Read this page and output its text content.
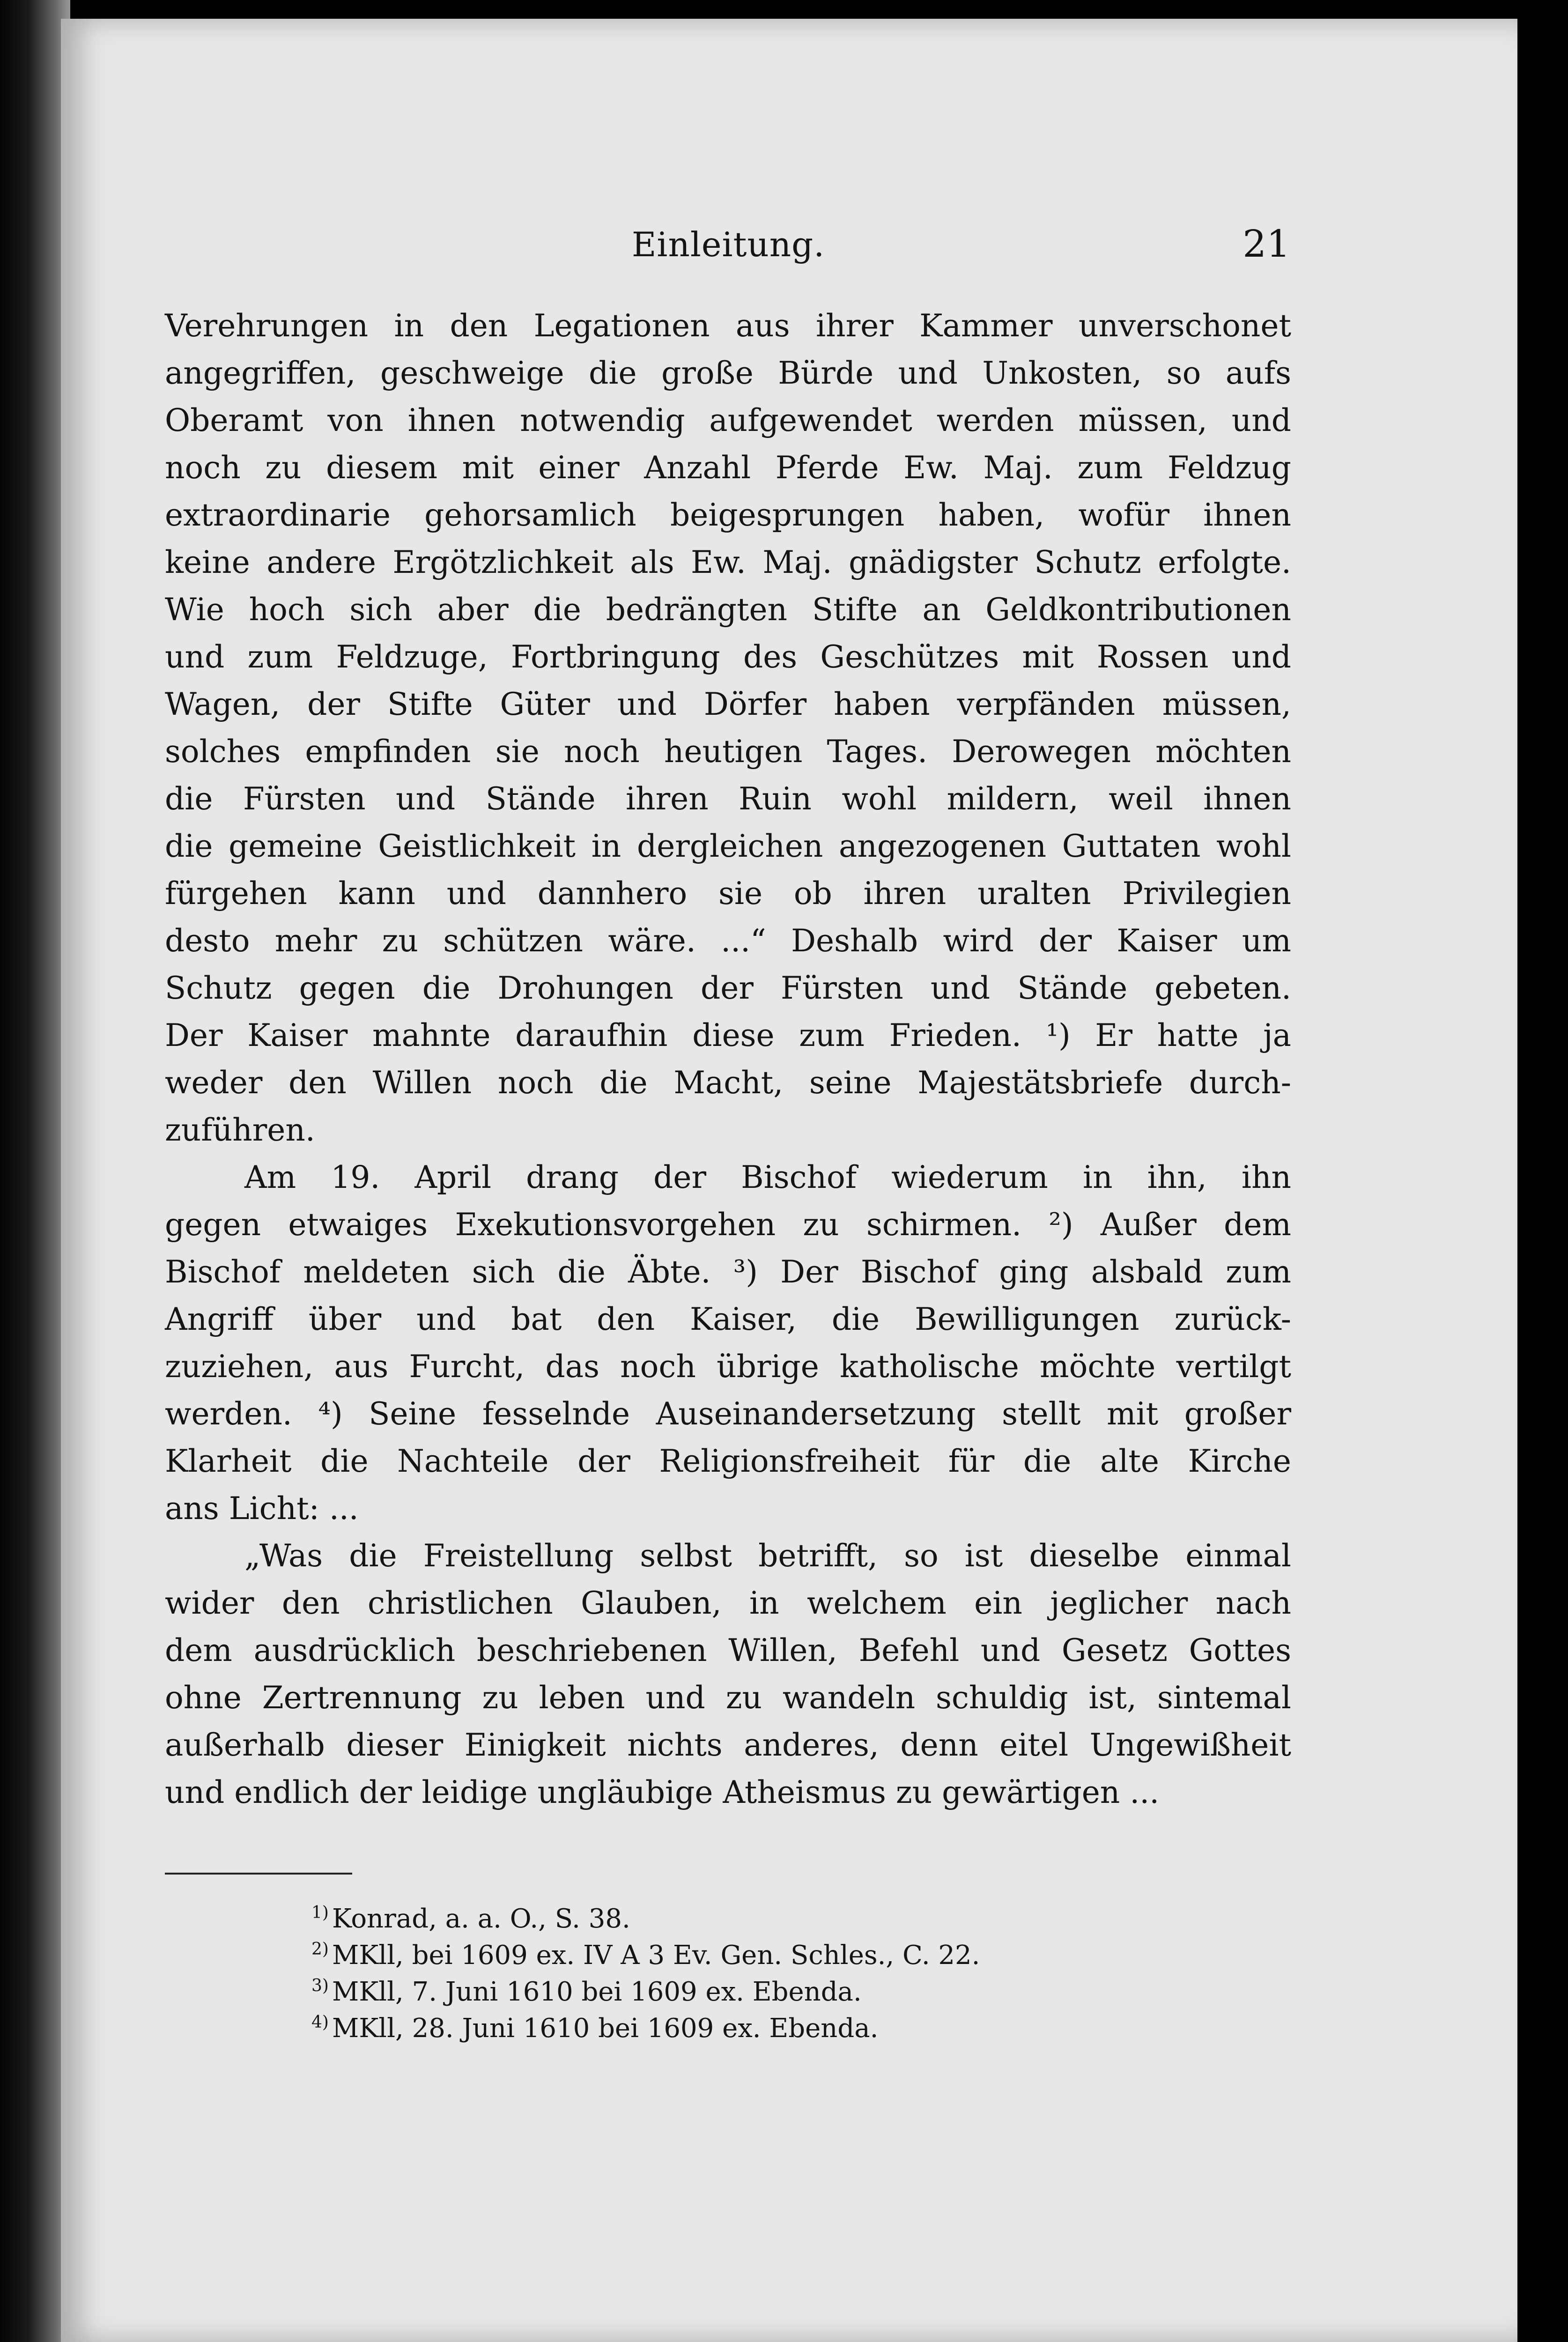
Einleitung.	21
Verehrungen in den Legationen aus ihrer Kammer unverschonet
angegriffen, geschweige die große Bürde und Unkosten, so aufs
Oberamt von ihnen notwendig aufgewendet werden müssen, und
noch zu diesem mit einer Anzahl Pferde Ew. Maj. zum Feldzug
extraordinarie gehorsamlich beigesprungen haben, wofür ihnen
keine andere Ergötzlichkeit als Ew. Maj. gnädigster Schutz erfolgte.
Wie hoch sich aber die bedrängten Stifte an Geldkontributionen
und zum Feldzuge, Fortbringung des Geschützes mit Rossen und
Wagen, der Stifte Güter und Dörfer haben verpfänden müssen,
solches empfinden sie noch heutigen Tages. Derowegen möchten
die Fürsten und Stände ihren Ruin wohl mildern, weil ihnen
die gemeine Geistlichkeit in dergleichen angezogenen Guttaten wohl
fürgehen kann und dannhero sie ob ihren uralten Privilegien
desto mehr zu schützen wäre. ...“ Deshalb wird der Kaiser um
Schutz gegen die Drohungen der Fürsten und Stände gebeten.
Der Kaiser mahnte daraufhin diese zum Frieden. ¹) Er hatte ja
weder den Willen noch die Macht, seine Majestätsbriefe durch-
zuführen.
Am 19. April drang der Bischof wiederum in ihn, ihn
gegen etwaiges Exekutionsvorgehen zu schirmen. ²) Außer dem
Bischof meldeten sich die Äbte. ³) Der Bischof ging alsbald zum
Angriff über und bat den Kaiser, die Bewilligungen zurück-
zuziehen, aus Furcht, das noch übrige katholische möchte vertilgt
werden. ⁴) Seine fesselnde Auseinandersetzung stellt mit großer
Klarheit die Nachteile der Religionsfreiheit für die alte Kirche
ans Licht: ...
„Was die Freistellung selbst betrifft, so ist dieselbe einmal
wider den christlichen Glauben, in welchem ein jeglicher nach
dem ausdrücklich beschriebenen Willen, Befehl und Gesetz Gottes
ohne Zertrennung zu leben und zu wandeln schuldig ist, sintemal
außerhalb dieser Einigkeit nichts anderes, denn eitel Ungewißheit
und endlich der leidige ungläubige Atheismus zu gewärtigen ...
1) Konrad, a. a. O., S. 38.
2) MKll, bei 1609 ex. IV A 3 Ev. Gen. Schles., C. 22.
3) MKll, 7. Juni 1610 bei 1609 ex. Ebenda.
4) MKll, 28. Juni 1610 bei 1609 ex. Ebenda.
